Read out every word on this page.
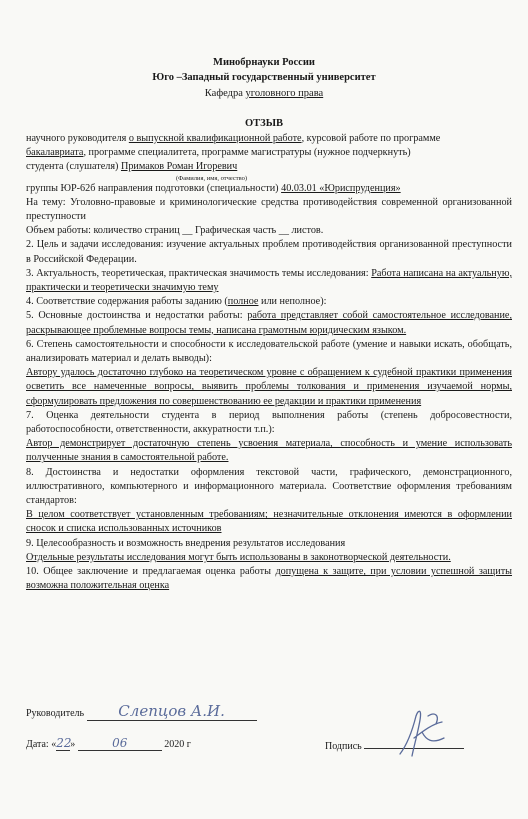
Минобрнауки России
Юго –Западный государственный университет
Кафедра уголовного права
ОТЗЫВ

научного руководителя о выпускной квалификационной работе, курсовой работе по программе

бакалавриата, программе специалитета, программе магистратуры (нужное подчеркнуть)

студента (слушателя) Примаков Роман Игоревич

(Фамилия, имя, отчество)

группы ЮР-62б направления подготовки (специальности) 40.03.01 «Юриспруденция»

На тему: Уголовно-правовые и криминологические средства противодействия современной организованной преступности

Объем работы: количество страниц __ Графическая часть __ листов.

2. Цель и задачи исследования: изучение актуальных проблем противодействия организованной преступности в Российской Федерации.

3. Актуальность, теоретическая, практическая значимость темы исследования: Работа написана на актуальную, практически и теоретически значимую тему

4. Соответствие содержания работы заданию (полное или неполное):

5. Основные достоинства и недостатки работы: работа представляет собой самостоятельное исследование, раскрывающее проблемные вопросы темы, написана грамотным юридическим языком.

6. Степень самостоятельности и способности к исследовательской работе (умение и навыки искать, обобщать, анализировать материал и делать выводы):

Автору удалось достаточно глубоко на теоретическом уровне с обращением к судебной практики применения осветить все намеченные вопросы, выявить проблемы толкования и применения изучаемой нормы, сформулировать предложения по совершенствованию ее редакции и практики применения

7. Оценка деятельности студента в период выполнения работы (степень добросовестности, работоспособности, ответственности, аккуратности т.п.):

Автор демонстрирует достаточную степень усвоения материала, способность и умение использовать полученные знания в самостоятельной работе.

8. Достоинства и недостатки оформления текстовой части, графического, демонстрационного, иллюстративного, компьютерного и информационного материала. Соответствие оформления требованиям стандартов:

В целом соответствует установленным требованиям; незначительные отклонения имеются в оформлении сносок и списка использованных источников

9. Целесообразность и возможность внедрения результатов исследования

Отдельные результаты исследования могут быть использованы в законотворческой деятельности.

10. Общее заключение и предлагаемая оценка работы допущена к защите, при условии успешной защиты возможна положительная оценка

Руководитель Слепцов А.И.
Дата: «22»	06	2020 г	Подпись
